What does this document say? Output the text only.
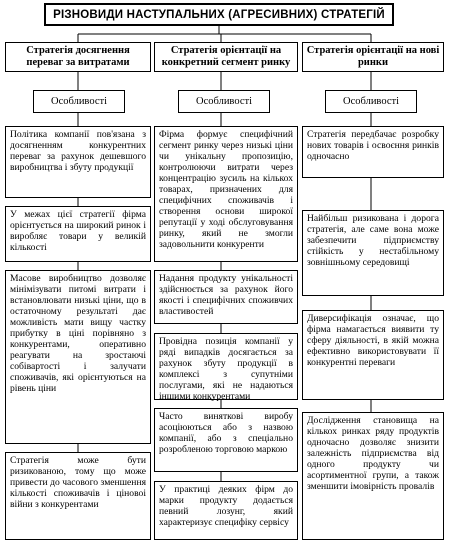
РІЗНОВИДИ НАСТУПАЛЬНИХ (АГРЕСИВНИХ) СТРАТЕГІЙ
Стратегія досягнення перевaг за витратами
Особливості
Політика компанії пов'язана з досягненням конкурентних переваг за рахунок дешевшого виробництва і збуту продукції
У межах цієї стратегії фірма орієнтується на широкий ринок і виробляє товари у великій кількості
Масове виробництво дозволяє мінімізувати питомі витрати і встановлювати низькі ціни, що в остаточному результаті дає можливість мати вищу частку прибутку в ціні порівняно з конкурентами, оперативно реагувати на зростаючі собівартості і залучати споживачів, які орієнтуються на рівень ціни
Стратегія може бути ризикованою, тому що може привести до часового зменшення кількості споживачів і ціновоі війни з конкурентами
Стратегія орієнтації на конкретний сегмент ринку
Особливості
Фірма формує специфічний сегмент ринку через низькі ціни чи унікальну пропозицію, контролюючи витрати через концентрацію зусиль на кількох товарах, призначених для специфічних споживачів і створення основи широкої репутації у ході обслуговування ринку, який не змогли задовольнити конкуренти
Надання продукту унікальності здійснюється за рахунок його якості і специфічних споживчих властивостей
Провідна позиція компанії у ряді випадків досягається за рахунок збуту продукції в комплексі з супутніми послугами, які не надаються іншими конкурентами
Часто виняткові виробу асоціюються або з назвою компанії, або з спеціально розробленою торговою маркою
У практиці деяких фірм до марки продукту додається певний лозунг, який характеризує специфіку сервісу
Стратегія орієнтації на нові ринки
Особливості
Стратегія передбачає розробку нових товарів і освоєння ринків одночасно
Найбільш ризикована і дорога стратегія, але саме вона може забезпечити підприємству стійкість у нестабільному зовнішньому середовищі
Диверсифікація означає, що фірма намагається виявити ту сферу діяльності, в якій можна ефективно використовувати її конкурентні переваги
Дослідження становища на кількох ринках ряду продуктів одночасно дозволяє знизити залежність підприємства від одного продукту чи асортиментної групи, а також зменшити імовірність провалів
